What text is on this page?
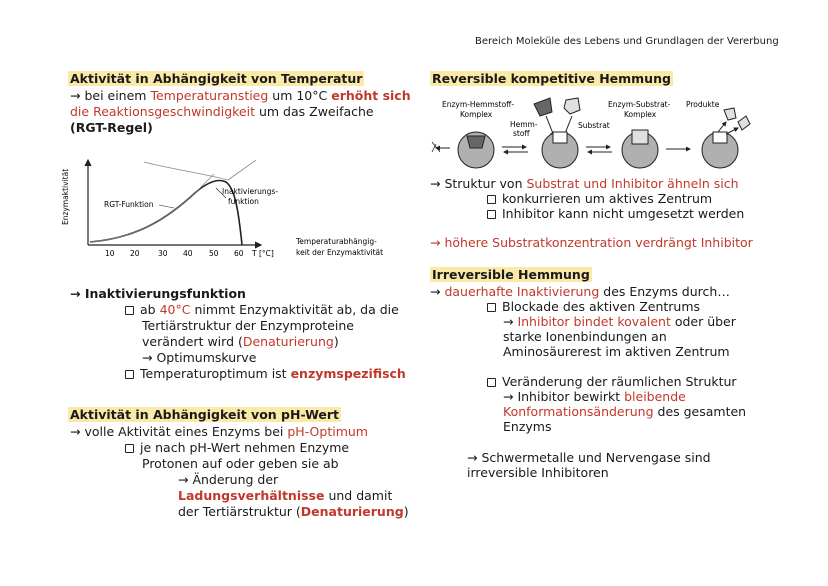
Bereich Moleküle des Lebens und Grundlagen der Vererbung
Aktivität in Abhängigkeit von Temperatur
→ bei einem Temperaturanstieg um 10°C erhöht sich
die Reaktionsgeschwindigkeit um das Zweifache
(RGT-Regel)
Enzymaktivität	RGT-Funktion
Inaktivierungs-
funktion
10 20 30 40 50 60 T [°C]
Temperaturabhängig-
keit der Enzymaktivität
→ Inaktivierungsfunktion
ab 40°C nimmt Enzymaktivität ab, da die
Tertiärstruktur der Enzymproteine
verändert wird (Denaturierung)
→ Optimumskurve
Temperaturoptimum ist enzymspezifisch
Aktivität in Abhängigkeit von pH-Wert
→ volle Aktivität eines Enzyms bei pH-Optimum
je nach pH-Wert nehmen Enzyme
Protonen auf oder geben sie ab
→ Änderung der
Ladungsverhältnisse und damit
der Tertiärstruktur (Denaturierung)
Reversible kompetitive Hemmung
Enzym-Hemmstoff-
Komplex
Hemm-
stoff
Substrat
Enzym-Substrat-
Komplex
Produkte
→ Struktur von Substrat und Inhibitor ähneln sich
konkurrieren um aktives Zentrum
Inhibitor kann nicht umgesetzt werden
→ höhere Substratkonzentration verdrängt Inhibitor
Irreversible Hemmung
→ dauerhafte Inaktivierung des Enzyms durch…
Blockade des aktiven Zentrums
→ Inhibitor bindet kovalent oder über
starke Ionenbindungen an
Aminosäurerest im aktiven Zentrum
Veränderung der räumlichen Struktur
→ Inhibitor bewirkt bleibende
Konformationsänderung des gesamten
Enzyms
→ Schwermetalle und Nervengase sind
irreversible Inhibitoren
